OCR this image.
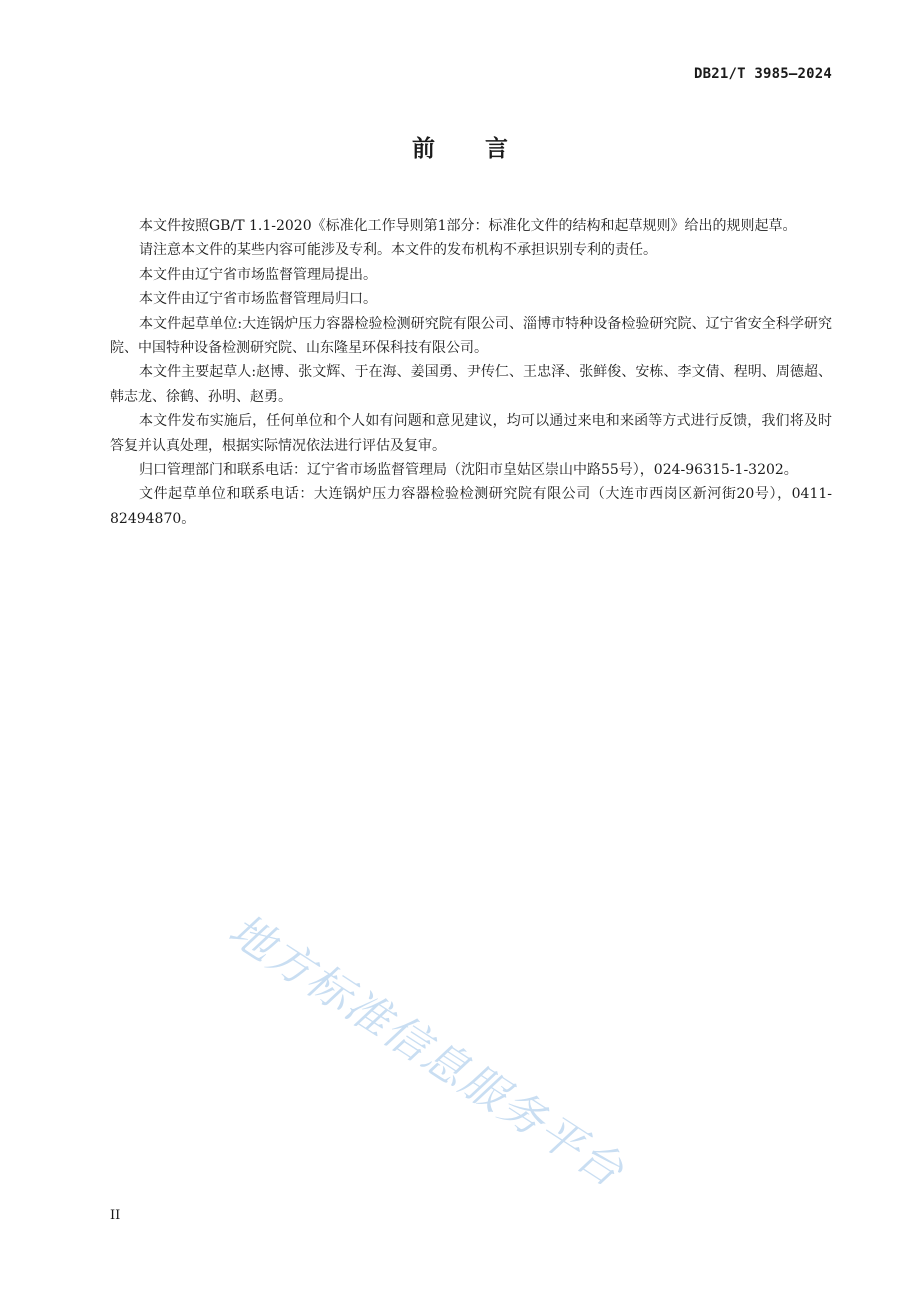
DB21/T 3985—2024
前言

本文件按照GB/T 1.1-2020《标准化工作导则第1部分：标准化文件的结构和起草规则》给出的规则起草。

请注意本文件的某些内容可能涉及专利。本文件的发布机构不承担识别专利的责任。

本文件由辽宁省市场监督管理局提出。

本文件由辽宁省市场监督管理局归口。

本文件起草单位:大连锅炉压力容器检验检测研究院有限公司、淄博市特种设备检验研究院、辽宁省安全科学研究院、中国特种设备检测研究院、山东隆星环保科技有限公司。

本文件主要起草人:赵博、张文辉、于在海、姜国勇、尹传仁、王忠泽、张鲜俊、安栋、李文倩、程明、周德超、韩志龙、徐鹤、孙明、赵勇。

本文件发布实施后，任何单位和个人如有问题和意见建议，均可以通过来电和来函等方式进行反馈，我们将及时答复并认真处理，根据实际情况依法进行评估及复审。

归口管理部门和联系电话：辽宁省市场监督管理局（沈阳市皇姑区崇山中路55号），024-96315-1-3202。

文件起草单位和联系电话：大连锅炉压力容器检验检测研究院有限公司（大连市西岗区新河街20号），0411-82494870。

地方标准信息服务平台
II
